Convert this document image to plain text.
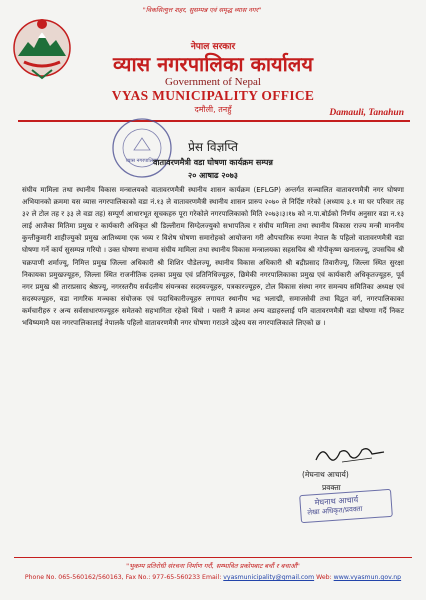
"विकसित्युत्त शहर, सुसम्पन्न एवं समृद्ध व्यास नगर"
नेपाल सरकार
व्यास नगरपालिका कार्यालय
Government of Nepal
VYAS MUNICIPALITY OFFICE
दमौली, तनहुँ	Damauli, Tanahun
व्यास नगरपालिका
प्रेस विज्ञप्ति
वातावरणमैत्री वडा घोषणा कार्यक्रम सम्पन्न
२० आषाढ २०७३

संघीय मामिला तथा स्थानीय विकास मन्त्रालयको वातावरणमैत्री स्थानीय शासन कार्यक्रम (EFLGP) अन्तर्गत सञ्चालित वातावरणमैत्री नगर घोषणा अभियानको क्रममा यस व्यास नगरपालिकाको वडा नं.१३ ले वातावरणमैत्री स्थानीय शासन प्रारुप २०७० ले निर्दिष्ट गरेको (अध्याय ३.१ मा घर परिवार तह ३२ ले टोल तह र ३३ ले वडा तह) सम्पूर्ण आधारभूत सूचकहरु पूरा गरेकोले नगरपालिकाको मिति २०७३।३।१७ को न.पा.बोर्डको निर्णय अनुसार वडा न.१३ लाई आजैका मितिमा प्रमुख र कार्यकारी अधिकृत श्री डिल्लीराम सिग्देलज्युको सभापतित्व र संघीय मामिला तथा स्थानीय विकास राज्य मन्त्री माननीय कुन्तीकुमारी शाहीज्युको प्रमुख आतिथ्यमा एक भव्य र विशेष घोषणा समारोहको आयोजना गरी औपचारिक रुपमा नेपाल कै पहिलो वातावरणमैत्री वडा घोषणा गर्ने कार्य सुसम्पन्न गरियो । उक्त घोषणा सभामा संघीय मामिला तथा स्थानीय विकास मन्त्रालयका सहसचिव श्री गोपीकृष्ण खनालज्यू, उपसचिव श्री चक्रपाणी शर्माज्यू, निमित्त प्रमुख जिल्ला अधिकारी श्री शिशिर पौडेलज्यू, स्थानीय विकास अधिकारी श्री बद्रीप्रसाद तिवारीज्यू, जिल्ला स्थित सुरक्षा निकायका प्रमुखज्यूहरु, जिल्ला स्थित राजनीतिक दलका प्रमुख एवं प्रतिनिधिज्यूहरु, छिमेकी नगरपालिकाका प्रमुख एवं कार्यकारी अधिकृतज्यूहरु, पूर्व नगर प्रमुख श्री ताराप्रसाद श्रेष्ठज्यू, नगरस्तरीय सर्वदलीय संयन्त्रका सदस्यज्यूहरु, पत्रकारज्यूहरु, टोल विकास संस्था नगर समन्वय समितिका अध्यक्ष एवं सदस्यज्यूहरु, वडा नागरिक मञ्चका संयोजक एवं पदाधिकारीज्यूहरु लगायत स्थानीय भद्र भलाद्मी, समाजसेवी तथा विद्वत वर्ग, नगरपालिकाका कर्मचारीहरु र अन्य सर्वसाधारणज्यूहरु समेतको सहभागिता रहेको थियो । यसरी नै क्रमश अन्य वडाहरुलाई पनि वातावरणमैत्री वडा घोषणा गर्दै निकट भविष्यमानै यस नगरपालिकालाई नेपालकै पहिलो वातावरणमैत्री नगर घोषणा गराउने उद्देश्य यस नगरपालिकाले लिएको छ ।

(मेघनाथ आचार्य)
प्रवक्ता
मेघनाथ आचार्य
लेखा अधिकृत/प्रवक्ता
"भुकम्प प्रतिरोधी संरचना निर्माण गरौं, सम्भावित प्रकोपबाट बचौं र बचाऔं"
Phone No. 065-560162/560163, Fax No.: 977-65-560233 Email: vyasmunicipality@gmail.com Web: www.vyasmun.gov.np
